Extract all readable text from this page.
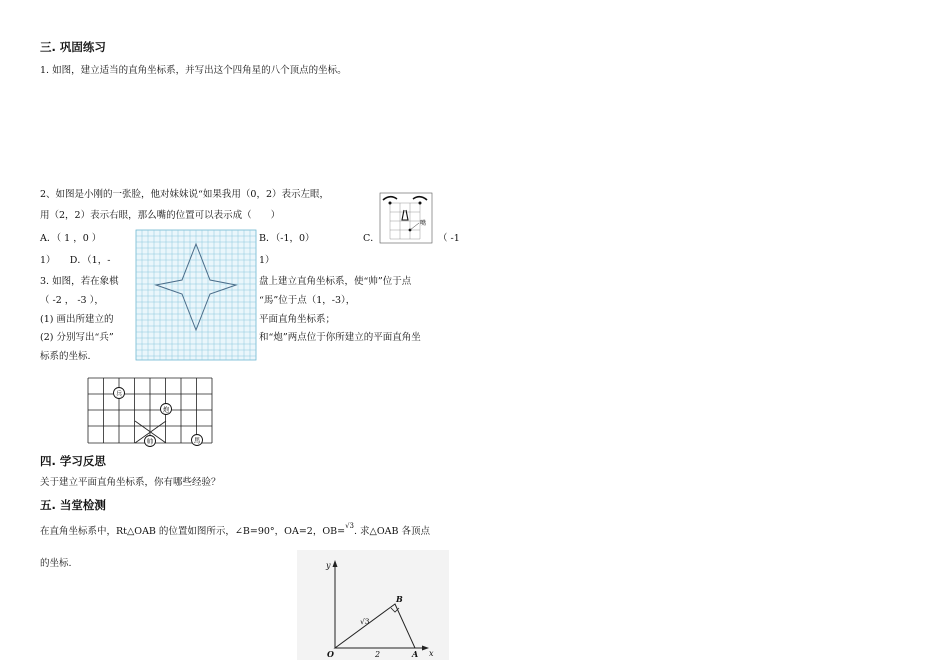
三. 巩固练习
1. 如图，建立适当的直角坐标系，并写出这个四角星的八个顶点的坐标。
2、如图是小刚的一张脸，他对妹妹说“如果我用（0，2）表示左眼，
用（2，2）表示右眼，那么嘴的位置可以表示成（　　）
A．（ 1 ，0 ）	B．（-1，0）	C．	（ -1
1）　　D．（1，-	1）
3. 如图，若在象棋	盘上建立直角坐标系，使“帅”位于点
（ -2 ， -3 ），	“馬”位于点（1，-3），
(1) 画出所建立的	平面直角坐标系；
(2) 分别写出“兵”	和“炮”两点位于你所建立的平面直角坐
标系的坐标.
嘴
兵
炮
帅	馬
四. 学习反思
关于建立平面直角坐标系，你有哪些经验？
五. 当堂检测
在直角坐标系中，Rt△OAB 的位置如图所示，∠B=90°，OA=2，OB=$^{√3}$. 求△OAB 各顶点
的坐标.	y
x
O	A
B
2
√3
